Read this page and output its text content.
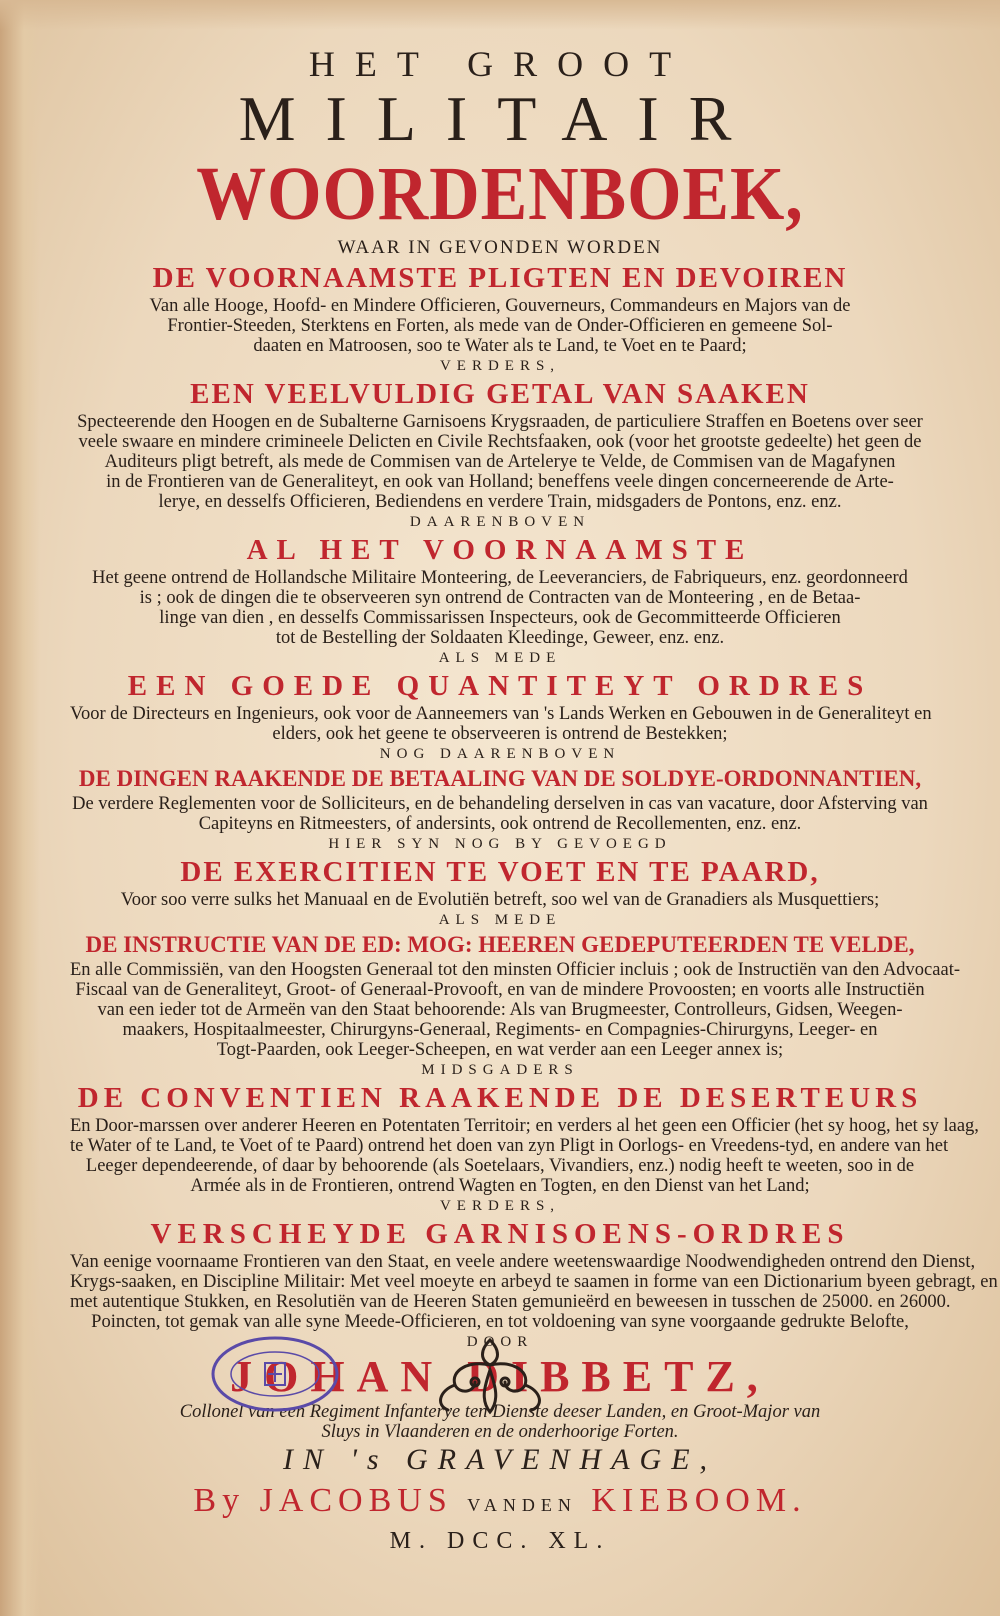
HET GROOT

MILITAIR

WOORDENBOEK,

WAAR IN GEVONDEN WORDEN

DE VOORNAAMSTE PLIGTEN EN DEVOIREN

Van alle Hooge, Hoofd- en Mindere Officieren, Gouverneurs, Commandeurs en Majors van de

Frontier-Steeden, Sterktens en Forten, als mede van de Onder-Officieren en gemeene Sol-

daaten en Matroosen, soo te Water als te Land, te Voet en te Paard;

VERDERS,

EEN VEELVULDIG GETAL VAN SAAKEN

Specteerende den Hoogen en de Subalterne Garnisoens Krygsraaden, de particuliere Straffen en Boetens over seer

veele swaare en mindere crimineele Delicten en Civile Rechtsfaaken, ook (voor het grootste gedeelte) het geen de

Auditeurs pligt betreft, als mede de Commisen van de Artelerye te Velde, de Commisen van de Magafynen

in de Frontieren van de Generaliteyt, en ook van Holland; beneffens veele dingen concerneerende de Arte-

lerye, en desselfs Officieren, Bediendens en verdere Train, midsgaders de Pontons, enz. enz.

DAARENBOVEN

AL HET VOORNAAMSTE

Het geene ontrend de Hollandsche Militaire Monteering, de Leeveranciers, de Fabriqueurs, enz. geordonneerd

is ; ook de dingen die te observeeren syn ontrend de Contracten van de Monteering , en de Betaa-

linge van dien , en desselfs Commissarissen Inspecteurs, ook de Gecommitteerde Officieren

tot de Bestelling der Soldaaten Kleedinge, Geweer, enz. enz.

ALS MEDE

EEN GOEDE QUANTITEYT ORDRES

Voor de Directeurs en Ingenieurs, ook voor de Aanneemers van 's Lands Werken en Gebouwen in de Generaliteyt en

elders, ook het geene te observeeren is ontrend de Bestekken;

NOG DAARENBOVEN

DE DINGEN RAAKENDE DE BETAALING VAN DE SOLDYE-ORDONNANTIEN,

De verdere Reglementen voor de Solliciteurs, en de behandeling derselven in cas van vacature, door Afsterving van

Capiteyns en Ritmeesters, of andersints, ook ontrend de Recollementen, enz. enz.

HIER SYN NOG BY GEVOEGD

DE EXERCITIEN TE VOET EN TE PAARD,

Voor soo verre sulks het Manuaal en de Evolutiën betreft, soo wel van de Granadiers als Musquettiers;

ALS MEDE

DE INSTRUCTIE VAN DE ED: MOG: HEEREN GEDEPUTEERDEN TE VELDE,

En alle Commissiën, van den Hoogsten Generaal tot den minsten Officier incluis ; ook de Instructiën van den Advocaat-

Fiscaal van de Generaliteyt, Groot- of Generaal-Provooft, en van de mindere Provoosten; en voorts alle Instructiën

van een ieder tot de Armeën van den Staat behoorende: Als van Brugmeester, Controlleurs, Gidsen, Weegen-

maakers, Hospitaalmeester, Chirurgyns-Generaal, Regiments- en Compagnies-Chirurgyns, Leeger- en

Togt-Paarden, ook Leeger-Scheepen, en wat verder aan een Leeger annex is;

MIDSGADERS

DE CONVENTIEN RAAKENDE DE DESERTEURS

En Door-marssen over anderer Heeren en Potentaten Territoir; en verders al het geen een Officier (het sy hoog, het sy laag,

te Water of te Land, te Voet of te Paard) ontrend het doen van zyn Pligt in Oorlogs- en Vreedens-tyd, en andere van het

Leeger dependeerende, of daar by behoorende (als Soetelaars, Vivandiers, enz.) nodig heeft te weeten, soo in de

Armée als in de Frontieren, ontrend Wagten en Togten, en den Dienst van het Land;

VERDERS,

VERSCHEYDE GARNISOENS-ORDRES

Van eenige voornaame Frontieren van den Staat, en veele andere weetenswaardige Noodwendigheden ontrend den Dienst,

Krygs-saaken, en Discipline Militair: Met veel moeyte en arbeyd te saamen in forme van een Dictionarium byeen gebragt, en

met autentique Stukken, en Resolutiën van de Heeren Staten gemunieërd en beweesen in tusschen de 25000. en 26000.

Poincten, tot gemak van alle syne Meede-Officieren, en tot voldoening van syne voorgaande gedrukte Belofte,

DOOR

JOHAN DIBBETZ,

Collonel van een Regiment Infanterye ten Dienste deeser Landen, en Groot-Major van

Sluys in Vlaanderen en de onderhoorige Forten.

IN 's GRAVENHAGE,

By JACOBUS VANDEN KIEBOOM.

M. DCC. XL.
